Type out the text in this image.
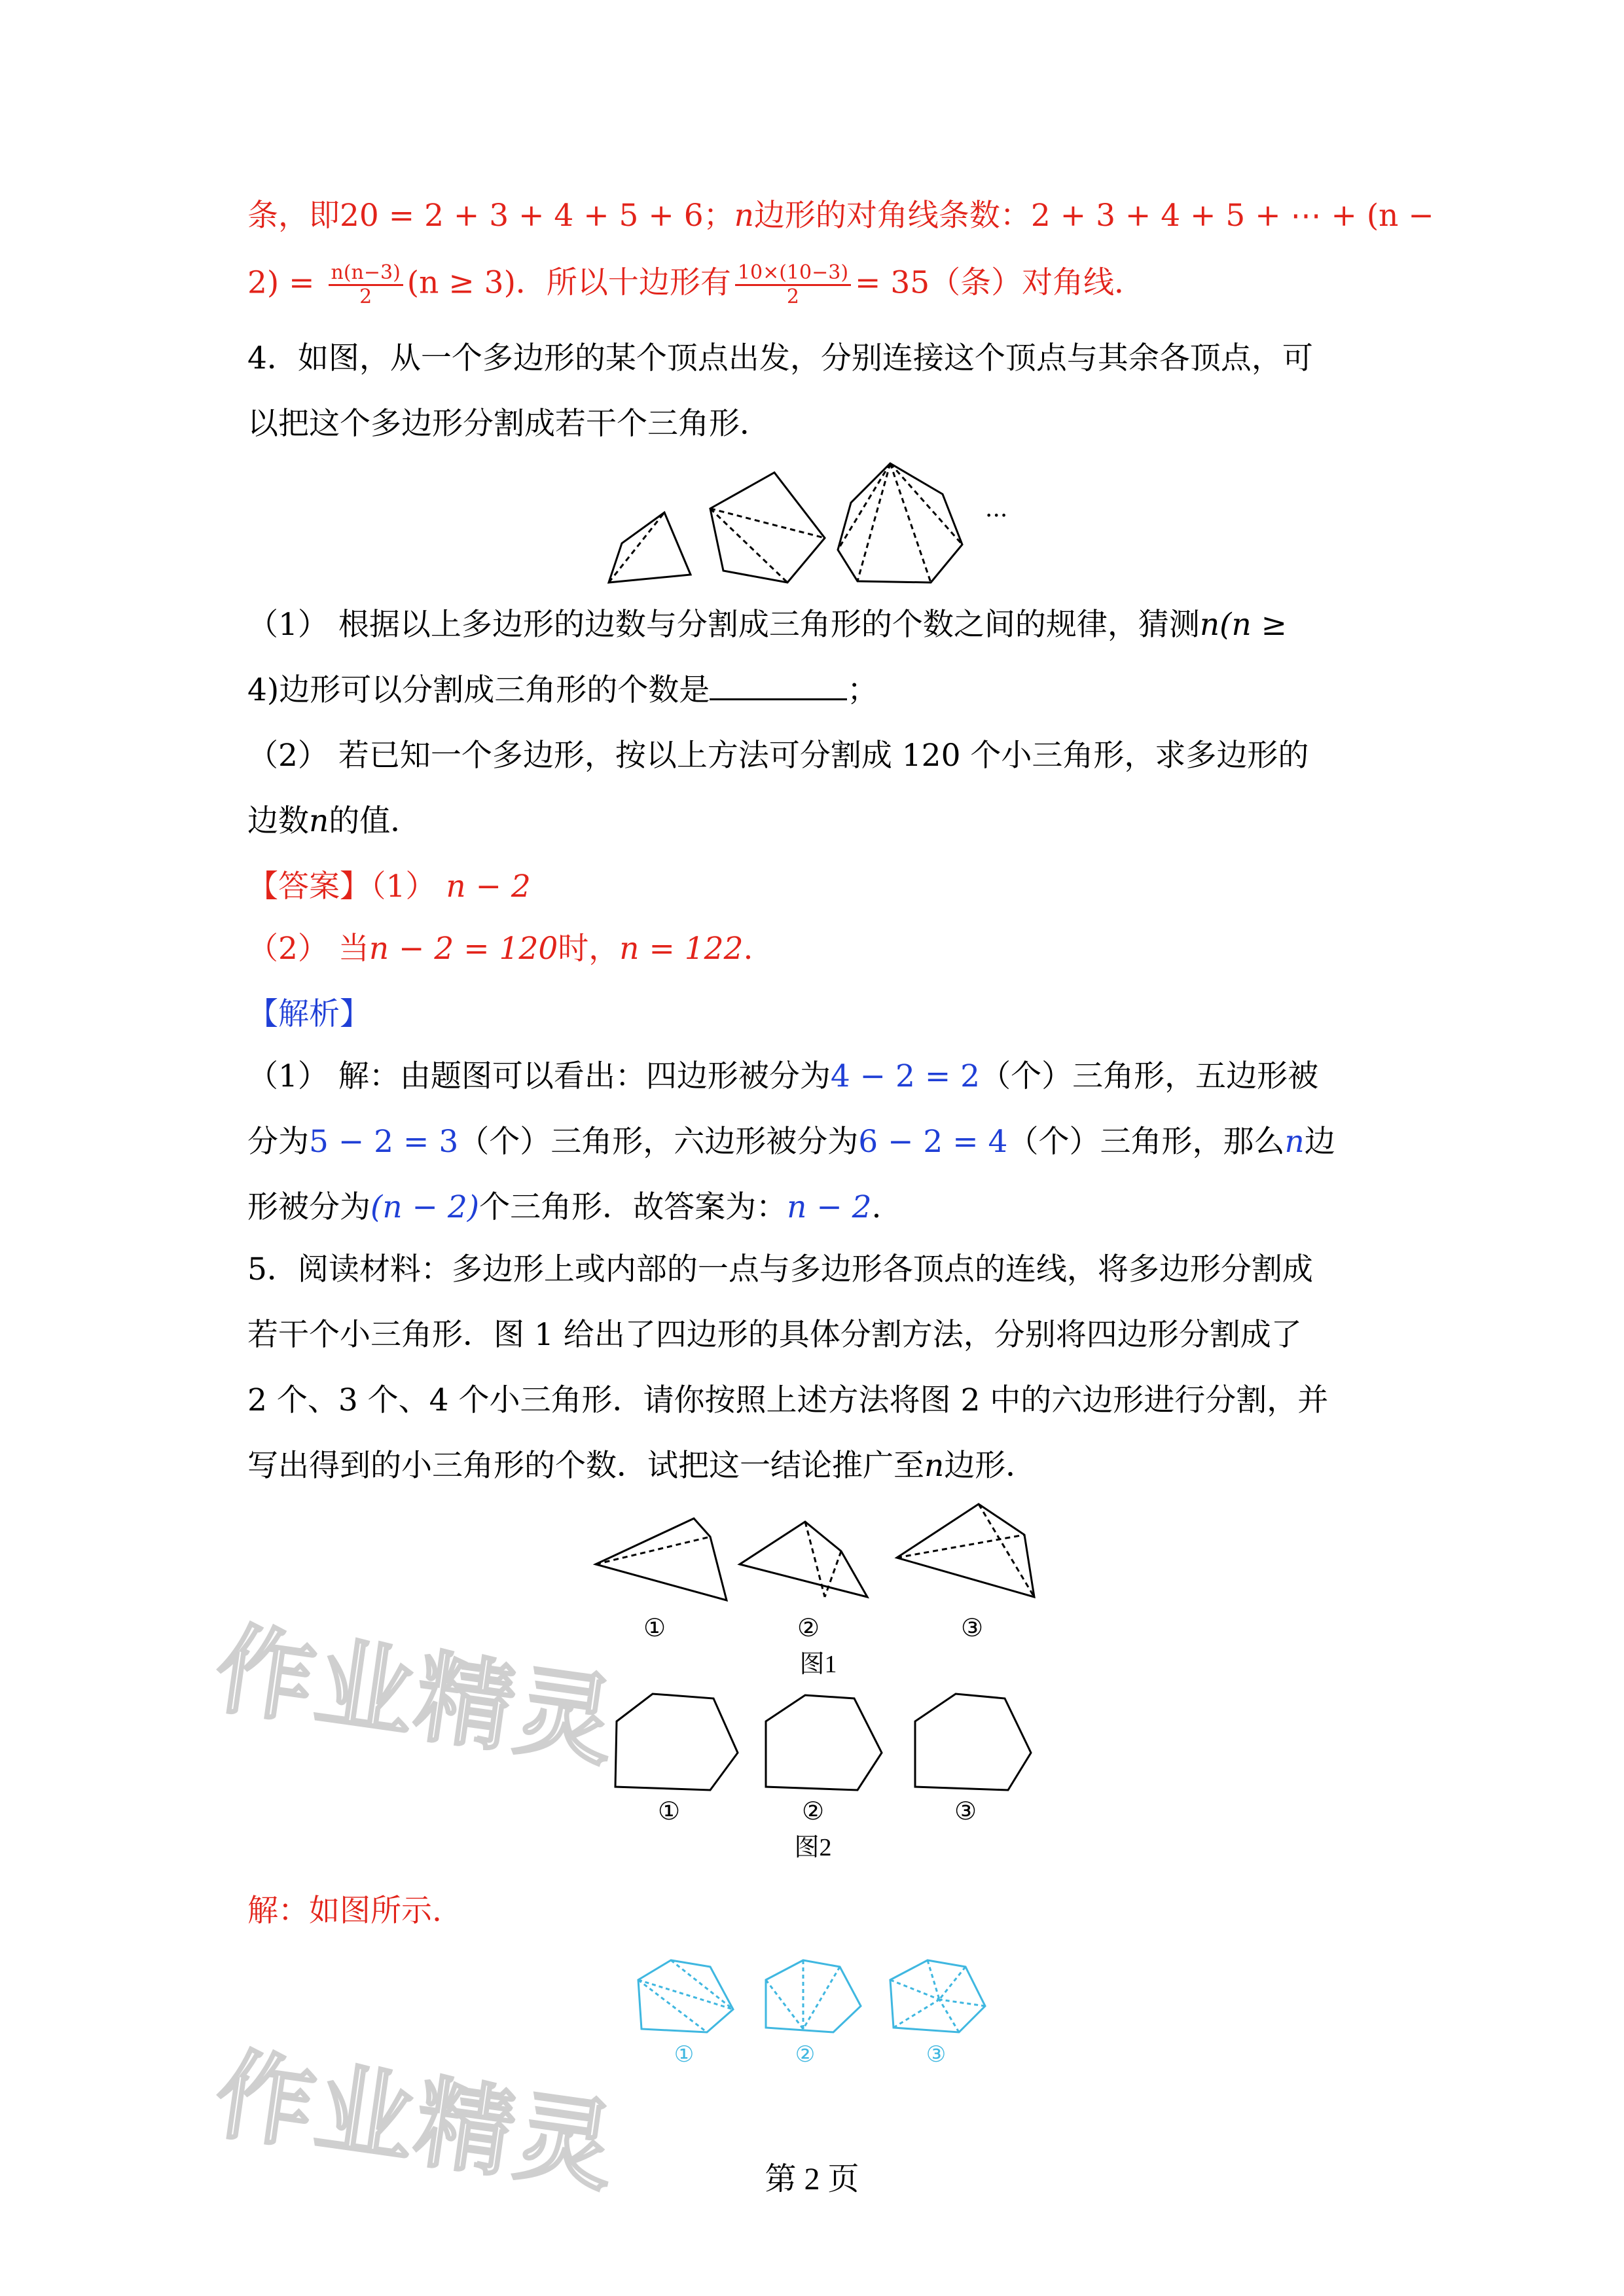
条，即20 = 2 + 3 + 4 + 5 + 6；n边形的对角线条数：2 + 3 + 4 + 5 + ⋯ + (n −
$2) = \frac{n(n-3)}{2} (n \ge 3)$．所以十边形有 $\frac{10\times(10-3)}{2} = 35$（条）对角线．
4．如图，从一个多边形的某个顶点出发，分别连接这个顶点与其余各顶点，可
以把这个多边形分割成若干个三角形．
···
（1） 根据以上多边形的边数与分割成三角形的个数之间的规律，猜测n(n ≥
4)边形可以分割成三角形的个数是	；
（2） 若已知一个多边形，按以上方法可分割成 120 个小三角形，求多边形的
边数n的值．
【答案】（1） n − 2
（2） 当n − 2 = 120时，n = 122.
【解析】
（1） 解：由题图可以看出：四边形被分为4 − 2 = 2（个）三角形，五边形被
分为5 − 2 = 3（个）三角形，六边形被分为6 − 2 = 4（个）三角形，那么n边
形被分为(n − 2)个三角形．故答案为：n − 2.
5．阅读材料：多边形上或内部的一点与多边形各顶点的连线，将多边形分割成
若干个小三角形．图 1 给出了四边形的具体分割方法，分别将四边形分割成了
2 个、3 个、4 个小三角形．请你按照上述方法将图 2 中的六边形进行分割，并
写出得到的小三角形的个数．试把这一结论推广至n边形．
①	②	③
图1
①	②	③
图2
解：如图所示.
①	②	③
作业精灵
作业精灵	第 2 页
